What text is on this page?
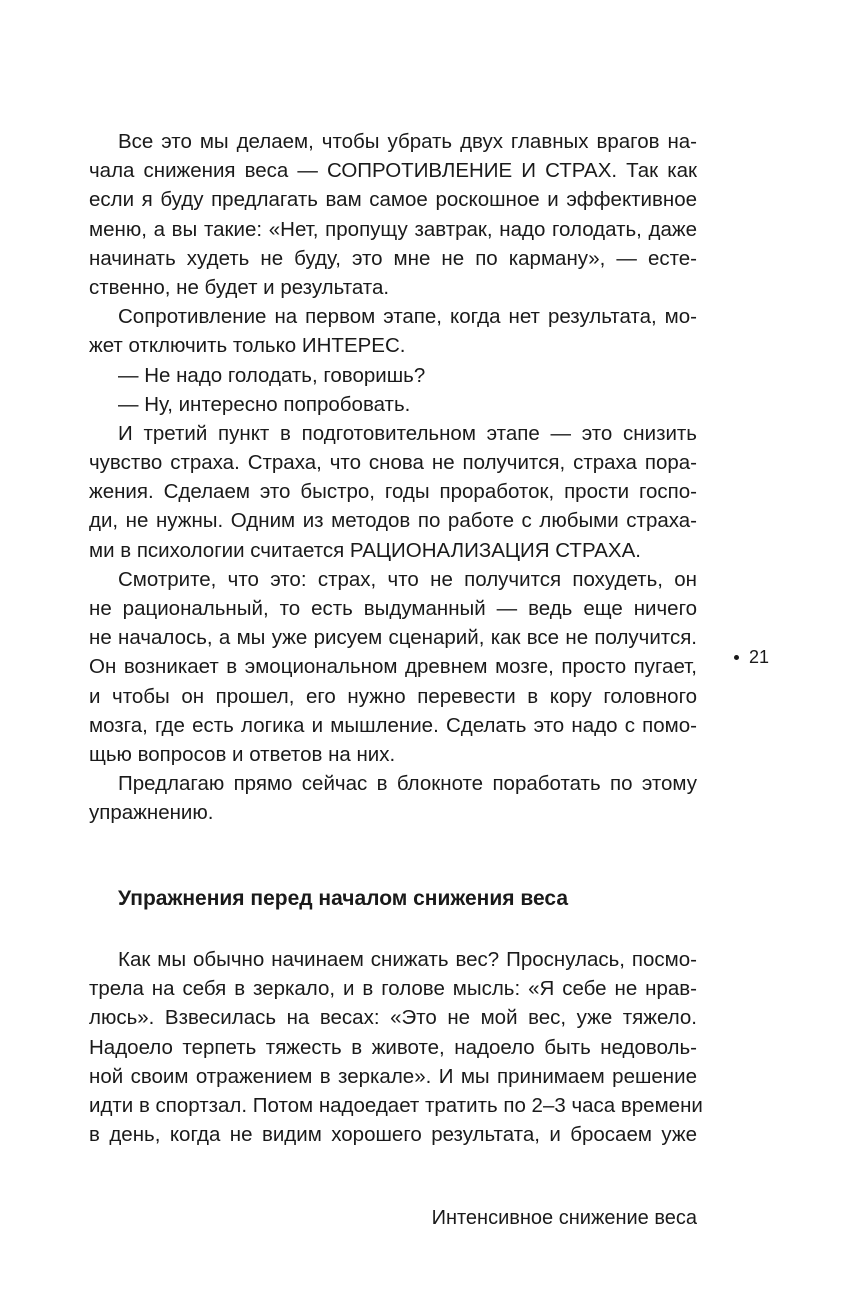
Все это мы делаем, чтобы убрать двух главных врагов на-
чала снижения веса — СОПРОТИВЛЕНИЕ И СТРАХ. Так как
если я буду предлагать вам самое роскошное и эффективное
меню, а вы такие: «Нет, пропущу завтрак, надо голодать, даже
начинать худеть не буду, это мне не по карману», — есте-
ственно, не будет и результата.
Сопротивление на первом этапе, когда нет результата, мо-
жет отключить только ИНТЕРЕС.
— Не надо голодать, говоришь?
— Ну, интересно попробовать.
И третий пункт в подготовительном этапе — это снизить
чувство страха. Страха, что снова не получится, страха пора-
жения. Сделаем это быстро, годы проработок, прости госпо-
ди, не нужны. Одним из методов по работе с любыми страха-
ми в психологии считается РАЦИОНАЛИЗАЦИЯ СТРАХА.
Смотрите, что это: страх, что не получится похудеть, он
не рациональный, то есть выдуманный — ведь еще ничего
не началось, а мы уже рисуем сценарий, как все не получится.
Он возникает в эмоциональном древнем мозге, просто пугает,
и чтобы он прошел, его нужно перевести в кору головного
мозга, где есть логика и мышление. Сделать это надо с помо-
щью вопросов и ответов на них.
Предлагаю прямо сейчас в блокноте поработать по этому
упражнению.
Упражнения перед началом снижения веса
Как мы обычно начинаем снижать вес? Проснулась, посмо-
трела на себя в зеркало, и в голове мысль: «Я себе не нрав-
люсь». Взвесилась на весах: «Это не мой вес, уже тяжело.
Надоело терпеть тяжесть в животе, надоело быть недоволь-
ной своим отражением в зеркале». И мы принимаем решение
идти в спортзал. Потом надоедает тратить по 2–3 часа времени
в день, когда не видим хорошего результата, и бросаем уже
21
Интенсивное снижение веса
